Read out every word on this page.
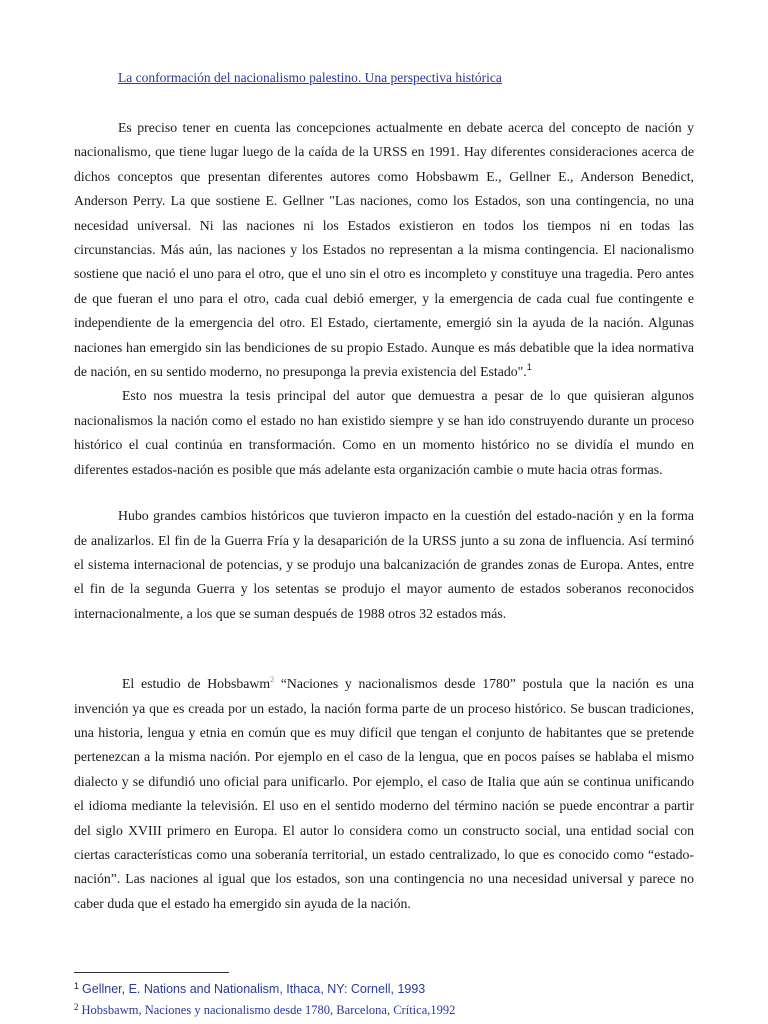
La conformación del nacionalismo palestino. Una perspectiva histórica

Es preciso tener en cuenta las concepciones actualmente en debate acerca del concepto de nación y nacionalismo, que tiene lugar luego de la caída de la URSS en 1991. Hay diferentes consideraciones acerca de dichos conceptos que presentan diferentes autores como Hobsbawm E., Gellner E., Anderson Benedict, Anderson Perry. La que sostiene E. Gellner "Las naciones, como los Estados, son una contingencia, no una necesidad universal. Ni las naciones ni los Estados existieron en todos los tiempos ni en todas las circunstancias. Más aún, las naciones y los Estados no representan a la misma contingencia. El nacionalismo sostiene que nació el uno para el otro, que el uno sin el otro es incompleto y constituye una tragedia. Pero antes de que fueran el uno para el otro, cada cual debió emerger, y la emergencia de cada cual fue contingente e independiente de la emergencia del otro. El Estado, ciertamente, emergió sin la ayuda de la nación. Algunas naciones han emergido sin las bendiciones de su propio Estado. Aunque es más debatible que la idea normativa de nación, en su sentido moderno, no presuponga la previa existencia del Estado".$^1$

Esto nos muestra la tesis principal del autor que demuestra a pesar de lo que quisieran algunos nacionalismos la nación como el estado no han existido siempre y se han ido construyendo durante un proceso histórico el cual continúa en transformación. Como en un momento histórico no se dividía el mundo en diferentes estados-nación es posible que más adelante esta organización cambie o mute hacia otras formas.

Hubo grandes cambios históricos que tuvieron impacto en la cuestión del estado-nación y en la forma de analizarlos. El fin de la Guerra Fría y la desaparición de la URSS junto a su zona de influencia. Así terminó el sistema internacional de potencias, y se produjo una balcanización de grandes zonas de Europa. Antes, entre el fin de la segunda Guerra y los setentas se produjo el mayor aumento de estados soberanos reconocidos internacionalmente, a los que se suman después de 1988 otros 32 estados más.

El estudio de Hobsbawm$^2$ “Naciones y nacionalismos desde 1780” postula que la nación es una invención ya que es creada por un estado, la nación forma parte de un proceso histórico. Se buscan tradiciones, una historia, lengua y etnia en común que es muy difícil que tengan el conjunto de habitantes que se pretende pertenezcan a la misma nación. Por ejemplo en el caso de la lengua, que en pocos países se hablaba el mismo dialecto y se difundió uno oficial para unificarlo. Por ejemplo, el caso de Italia que aún se continua unificando el idioma mediante la televisión. El uso en el sentido moderno del término nación se puede encontrar a partir del siglo XVIII primero en Europa. El autor lo considera como un constructo social, una entidad social con ciertas características como una soberanía territorial, un estado centralizado, lo que es conocido como “estado-nación”. Las naciones al igual que los estados, son una contingencia no una necesidad universal y parece no caber duda que el estado ha emergido sin ayuda de la nación.

$^1$ Gellner, E. Nations and Nationalism, Ithaca, NY: Cornell, 1993
$^2$ Hobsbawm, Naciones y nacionalismo desde 1780, Barcelona, Crítica,1992
